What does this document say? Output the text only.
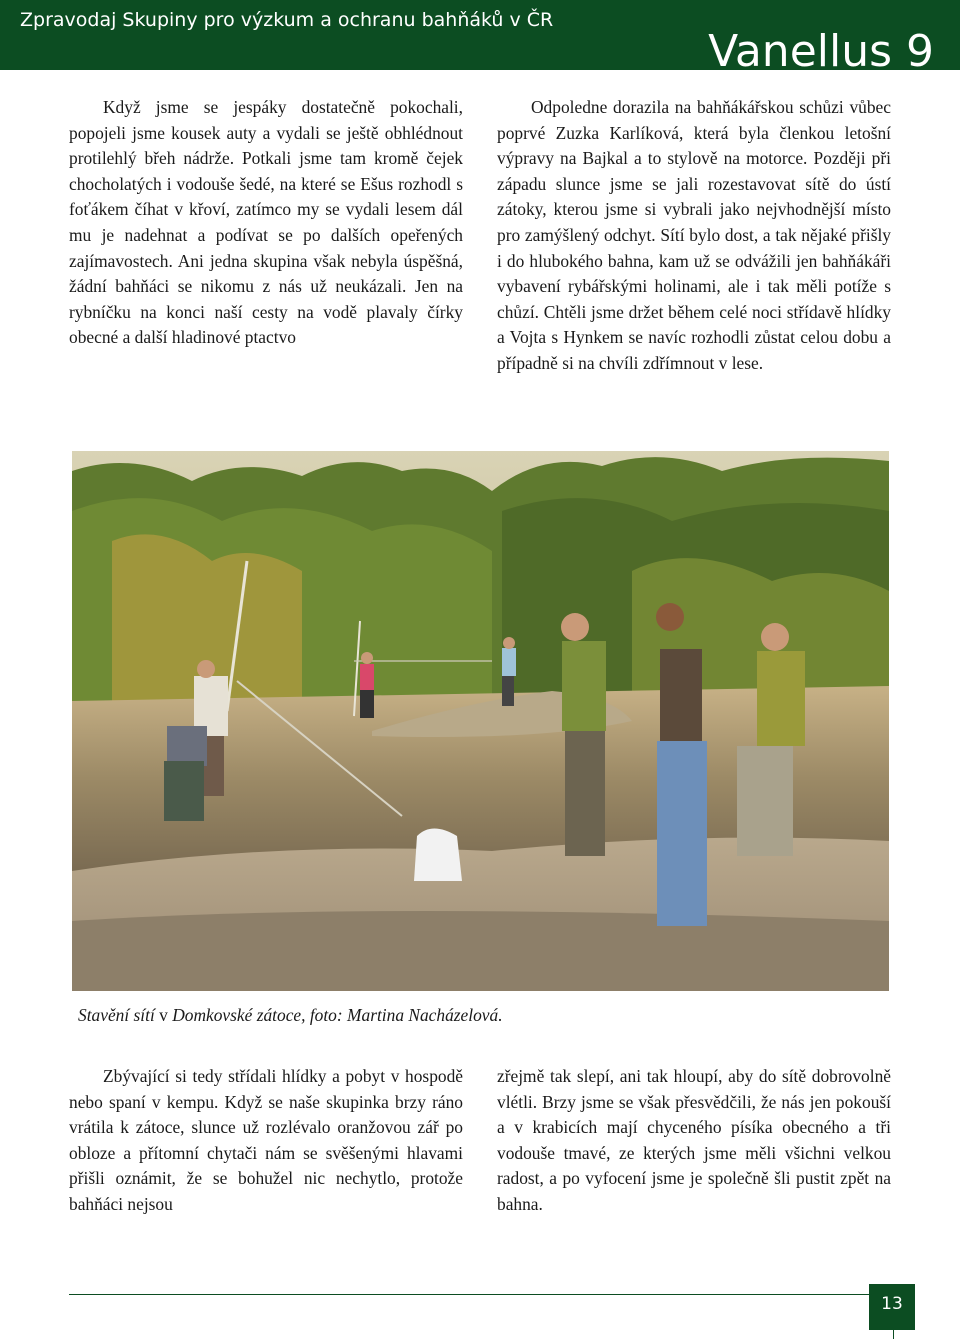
Zpravodaj Skupiny pro výzkum a ochranu bahňáků v ČR
Vanellus 9

Když jsme se jespáky dostatečně pokochali, popojeli jsme kousek auty a vydali se ještě obhlédnout protilehlý břeh nádrže. Potkali jsme tam kromě čejek chocholatých i vodouše šedé, na které se Ešus rozhodl s foťákem číhat v křoví, zatímco my se vydali lesem dál mu je nadehnat a podívat se po dalších opeřených zajímavostech. Ani jedna skupina však nebyla úspěšná, žádní bahňáci se nikomu z nás už neukázali. Jen na rybníčku na konci naší cesty na vodě plavaly čírky obecné a další hladinové ptactvo

Odpoledne dorazila na bahňákářskou schůzi vůbec poprvé Zuzka Karlíková, která byla členkou letošní výpravy na Bajkal a to stylově na motorce. Později při západu slunce jsme se jali rozestavovat sítě do ústí zátoky, kterou jsme si vybrali jako nejvhodnější místo pro zamýšlený odchyt. Sítí bylo dost, a tak nějaké přišly i do hlubokého bahna, kam už se odvážili jen bahňákáři vybavení rybářskými holinami, ale i tak měli potíže s chůzí. Chtěli jsme držet během celé noci střídavě hlídky a Vojta s Hynkem se navíc rozhodli zůstat celou dobu a případně si na chvíli zdřímnout v lese.

Stavění sítí v Domkovské zátoce, foto: Martina Nacházelová.

Zbývající si tedy střídali hlídky a pobyt v hospodě nebo spaní v kempu. Když se naše skupinka brzy ráno vrátila k zátoce, slunce už rozlévalo oranžovou zář po obloze a přítomní chytači nám se svěšenými hlavami přišli oznámit, že se bohužel nic nechytlo, protože bahňáci nejsou

zřejmě tak slepí, ani tak hloupí, aby do sítě dobrovolně vlétli. Brzy jsme se však přesvědčili, že nás jen pokouší a v krabicích mají chyceného písíka obecného a tři vodouše tmavé, ze kterých jsme měli všichni velkou radost, a po vyfocení jsme je společně šli pustit zpět na bahna.

13
